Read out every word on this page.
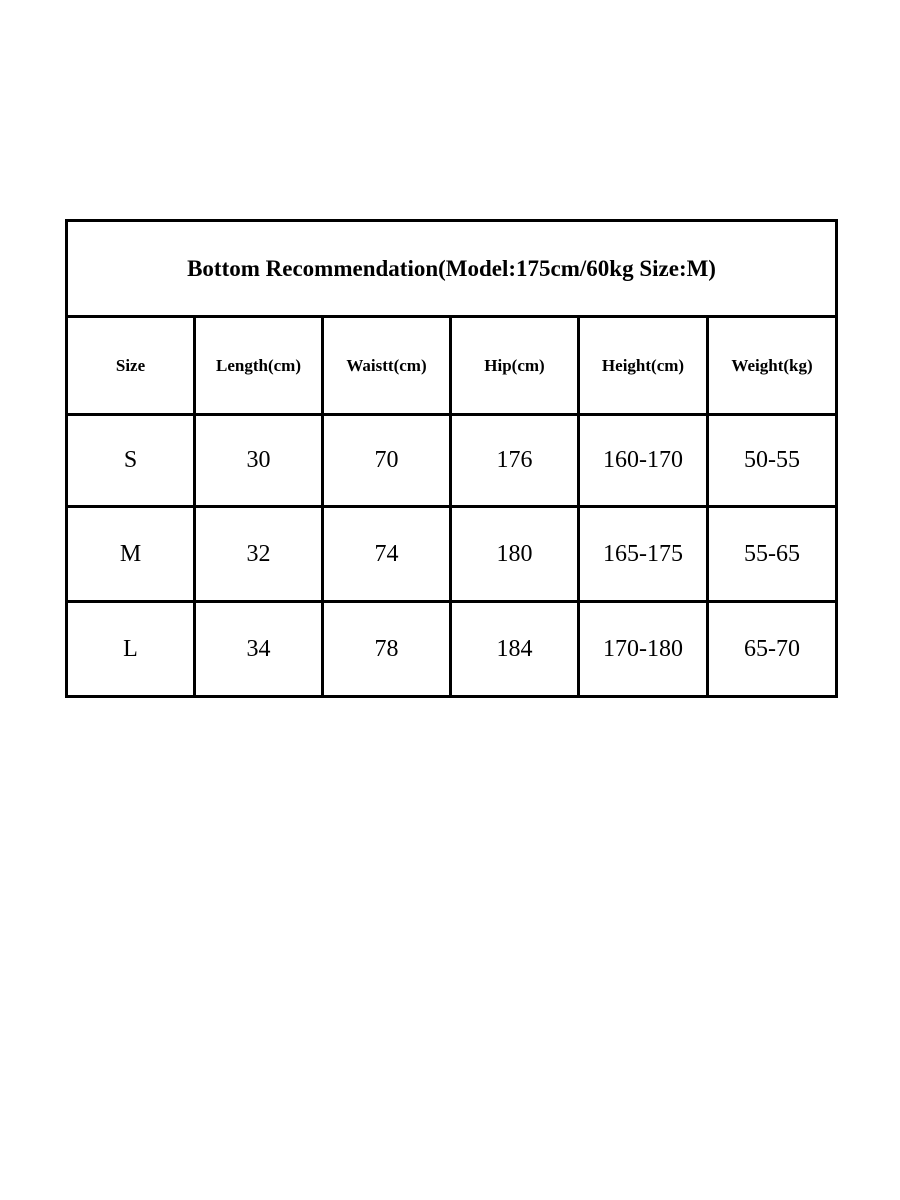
Bottom Recommendation(Model:175cm/60kg Size:M)					
Size	Length(cm)	Waistt(cm)	Hip(cm)	Height(cm)	Weight(kg)
S	30	70	176	160-170	50-55
M	32	74	180	165-175	55-65
L	34	78	184	170-180	65-70
